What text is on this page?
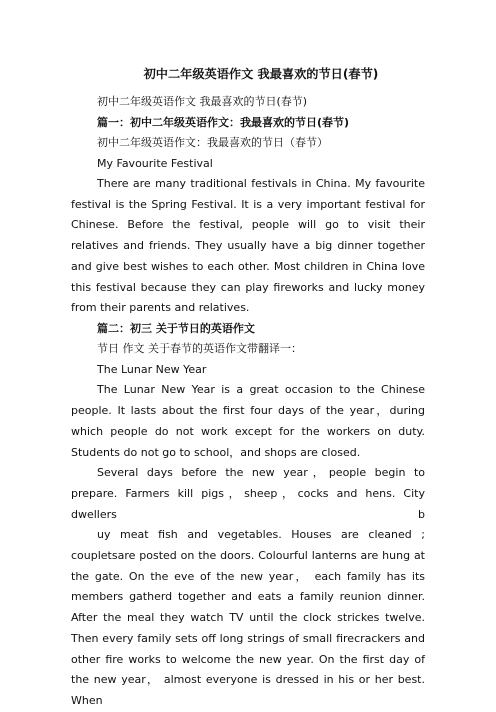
初中二年级英语作文 我最喜欢的节日(春节)

初中二年级英语作文 我最喜欢的节日(春节)

篇一：初中二年级英语作文：我最喜欢的节日(春节)

初中二年级英语作文：我最喜欢的节日（春节）

My Favourite Festival

There are many traditional festivals in China. My favourite festival is the Spring Festival. It is a very important festival for Chinese. Before the festival, people will go to visit their relatives and friends. They usually have a big dinner together and give best wishes to each other. Most children in China love this festival because they can play fireworks and lucky money from their parents and relatives.

篇二：初三 关于节日的英语作文

节日 作文 关于春节的英语作文带翻译一：

The Lunar New Year

The Lunar New Year is a great occasion to the Chinese people. It lasts about the first four days of the year，during which people do not work except for the workers on duty. Students do not go to school，and shops are closed.

Several days before the new year，people begin to prepare. Farmers kill pigs，sheep，cocks and hens. City dwellers b

uy meat fish and vegetables. Houses are cleaned ; coupletsare posted on the doors. Colourful lanterns are hung at the gate. On the eve of the new year， each family has its members gatherd together and eats a family reunion dinner. After the meal they watch TV until the clock strickes twelve. Then every family sets off long strings of small firecrackers and other fire works to welcome the new year. On the first day of the new year， almost everyone is dressed in his or her best. When
